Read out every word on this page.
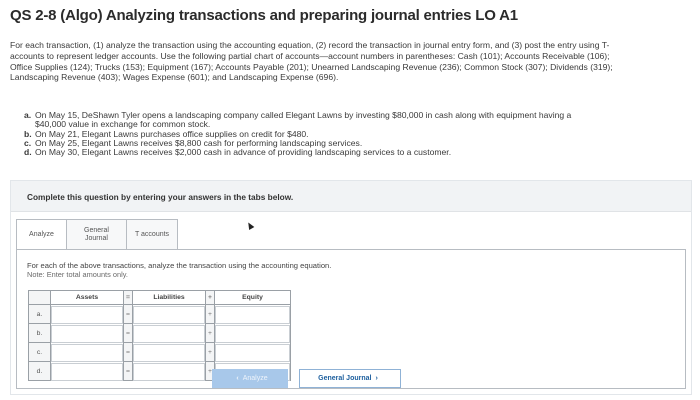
QS 2-8 (Algo) Analyzing transactions and preparing journal entries LO A1
For each transaction, (1) analyze the transaction using the accounting equation, (2) record the transaction in journal entry form, and (3) post the entry using T-accounts to represent ledger accounts. Use the following partial chart of accounts—account numbers in parentheses: Cash (101); Accounts Receivable (106); Office Supplies (124); Trucks (153); Equipment (167); Accounts Payable (201); Unearned Landscaping Revenue (236); Common Stock (307); Dividends (319); Landscaping Revenue (403); Wages Expense (601); and Landscaping Expense (696).
a. On May 15, DeShawn Tyler opens a landscaping company called Elegant Lawns by investing $80,000 in cash along with equipment having a $40,000 value in exchange for common stock.
b. On May 21, Elegant Lawns purchases office supplies on credit for $480.
c. On May 25, Elegant Lawns receives $8,800 cash for performing landscaping services.
d. On May 30, Elegant Lawns receives $2,000 cash in advance of providing landscaping services to a customer.
Complete this question by entering your answers in the tabs below.
Analyze
General Journal
T accounts
For each of the above transactions, analyze the transaction using the accounting equation.
Note: Enter total amounts only.
	Assets	=	Liabilities	+	Equity
a.		=		+	
b.		=		+	
c.		=		+	
d.		=		+	
‹ Analyze	General Journal ›
